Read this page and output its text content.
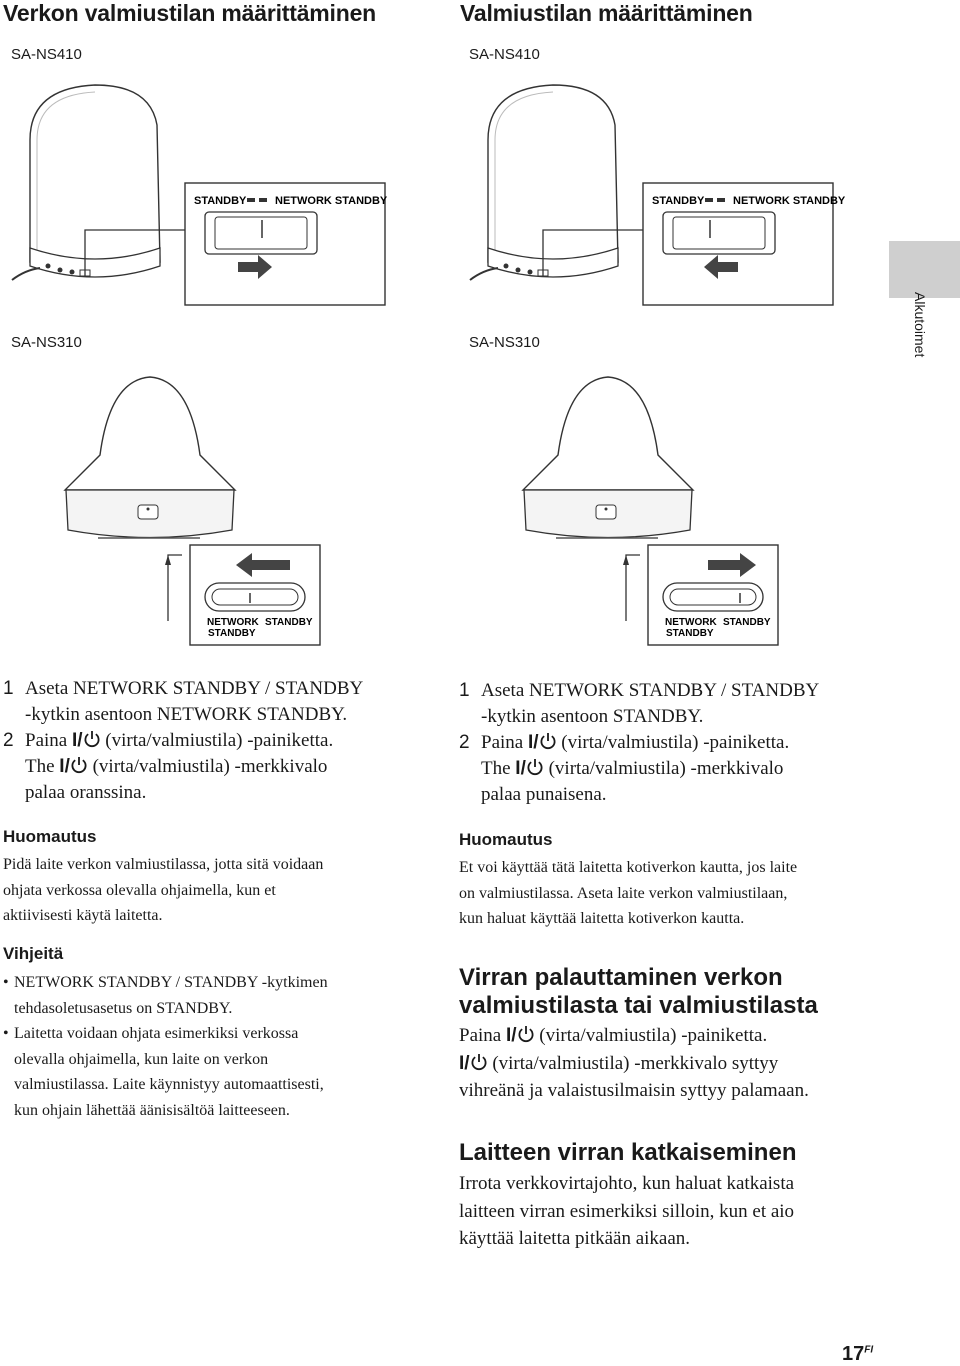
Verkon valmiustilan määrittäminen
SA-NS410
STANDBY	NETWORK STANDBY
SA-NS310
NETWORK
STANDBY
STANDBY
1 Aseta NETWORK STANDBY / STANDBY
-kytkin asentoon NETWORK STANDBY.
2 Paina I/ (virta/valmiustila) -painiketta.
The I/ (virta/valmiustila) -merkkivalo
palaa oranssina.
Huomautus
Pidä laite verkon valmiustilassa, jotta sitä voidaan
ohjata verkossa olevalla ohjaimella, kun et
aktiivisesti käytä laitetta.
Vihjeitä
• NETWORK STANDBY / STANDBY -kytkimen
tehdasoletusasetus on STANDBY.
• Laitetta voidaan ohjata esimerkiksi verkossa
olevalla ohjaimella, kun laite on verkon
valmiustilassa. Laite käynnistyy automaattisesti,
kun ohjain lähettää äänisisältöä laitteeseen.
Valmiustilan määrittäminen
SA-NS410
STANDBY	NETWORK STANDBY
SA-NS310
NETWORK
STANDBY
STANDBY
1 Aseta NETWORK STANDBY / STANDBY
-kytkin asentoon STANDBY.
2 Paina I/ (virta/valmiustila) -painiketta.
The I/ (virta/valmiustila) -merkkivalo
palaa punaisena.
Huomautus
Et voi käyttää tätä laitetta kotiverkon kautta, jos laite
on valmiustilassa. Aseta laite verkon valmiustilaan,
kun haluat käyttää laitetta kotiverkon kautta.
Virran palauttaminen verkon
valmiustilasta tai valmiustilasta
Paina I/ (virta/valmiustila) -painiketta.
I/ (virta/valmiustila) -merkkivalo syttyy
vihreänä ja valaistusilmaisin syttyy palamaan.
Laitteen virran katkaiseminen
Irrota verkkovirtajohto, kun haluat katkaista
laitteen virran esimerkiksi silloin, kun et aio
käyttää laitetta pitkään aikaan.
Alkutoimet
$17^{FI}$
